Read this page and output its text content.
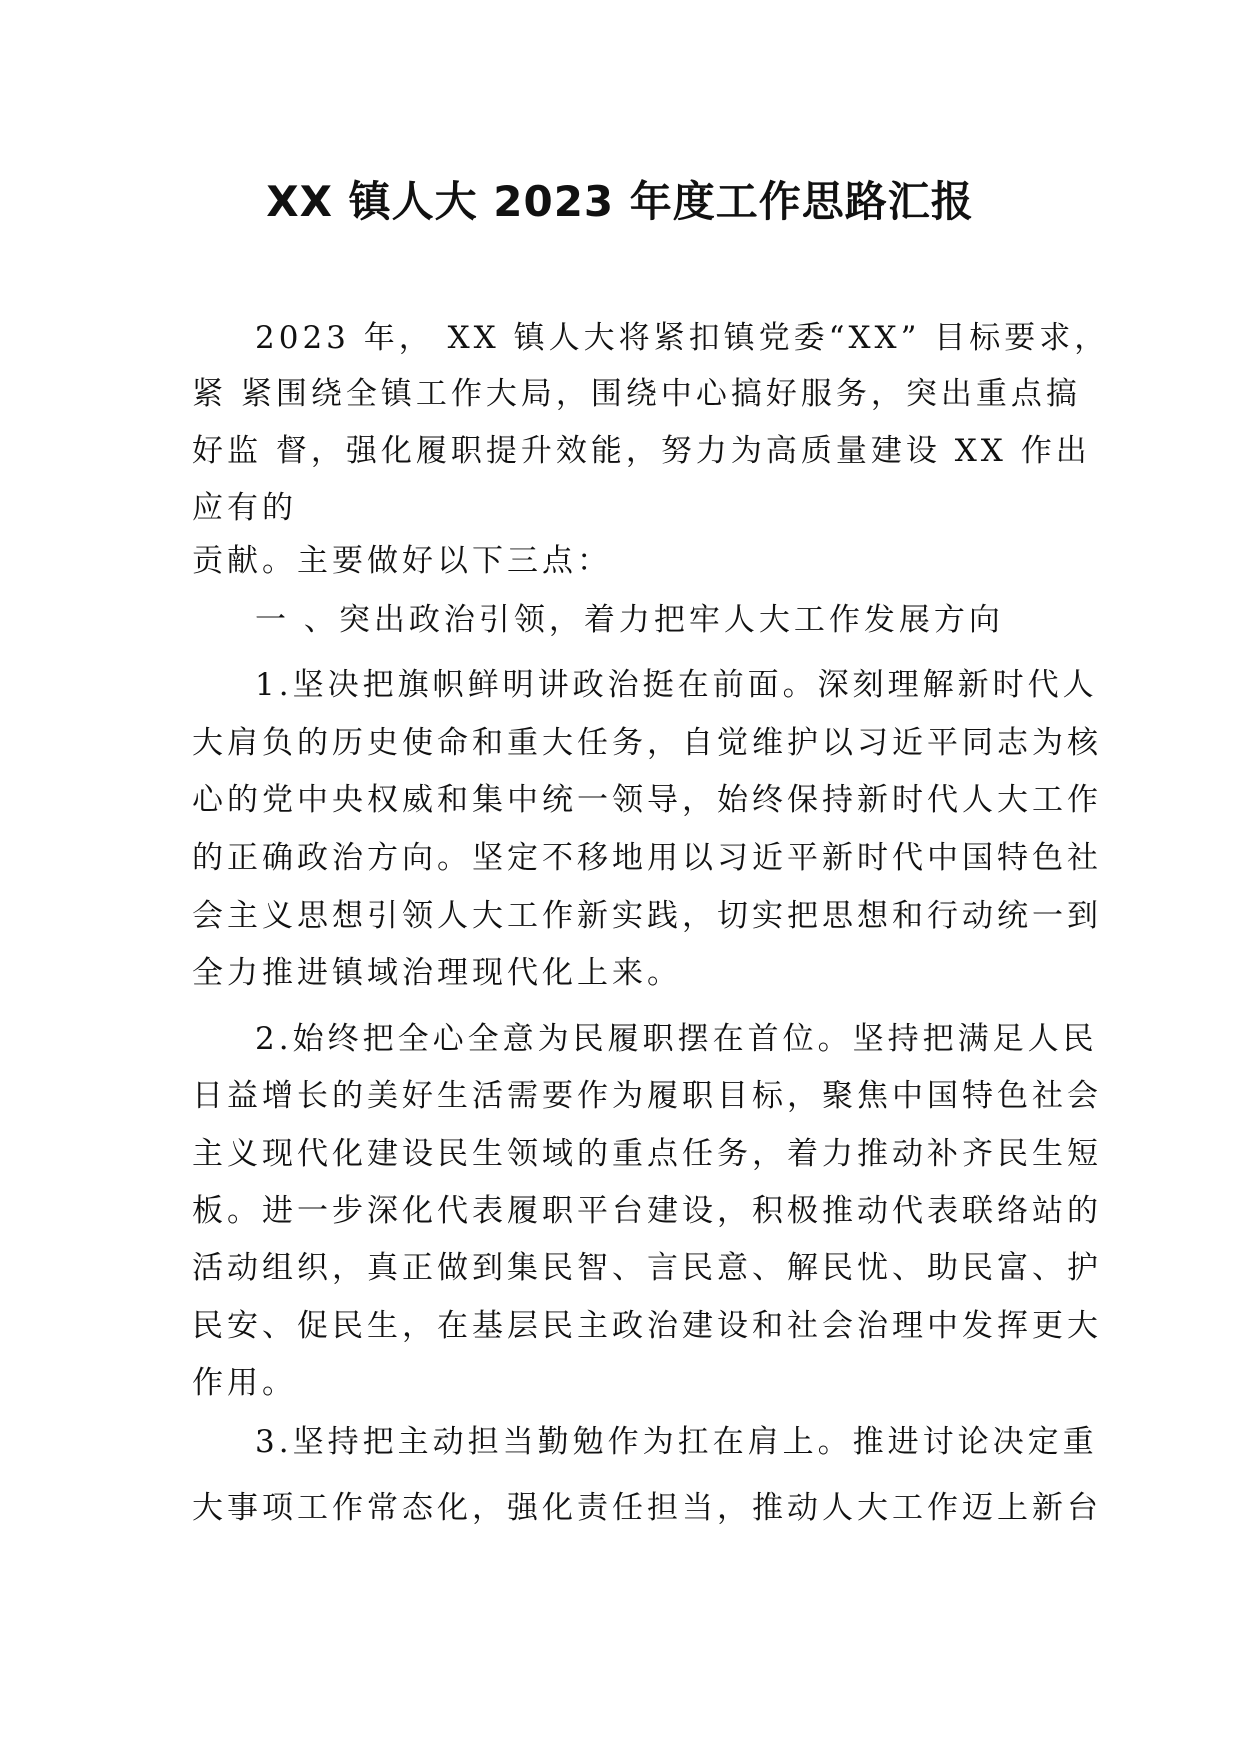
XX 镇人大 2023 年度工作思路汇报

2023 年， XX 镇人大将紧扣镇党委“XX” 目标要求，

紧 紧围绕全镇工作大局，围绕中心搞好服务，突出重点搞

好监 督，强化履职提升效能，努力为高质量建设 XX 作出

应有的

贡献。主要做好以下三点：

一 、突出政治引领，着力把牢人大工作发展方向

1.坚决把旗帜鲜明讲政治挺在前面。深刻理解新时代人

大肩负的历史使命和重大任务，自觉维护以习近平同志为核

心的党中央权威和集中统一领导，始终保持新时代人大工作

的正确政治方向。坚定不移地用以习近平新时代中国特色社

会主义思想引领人大工作新实践，切实把思想和行动统一到

全力推进镇域治理现代化上来。

2.始终把全心全意为民履职摆在首位。坚持把满足人民

日益增长的美好生活需要作为履职目标，聚焦中国特色社会

主义现代化建设民生领域的重点任务，着力推动补齐民生短

板。进一步深化代表履职平台建设，积极推动代表联络站的

活动组织，真正做到集民智、言民意、解民忧、助民富、护

民安、促民生，在基层民主政治建设和社会治理中发挥更大

作用。

3.坚持把主动担当勤勉作为扛在肩上。推进讨论决定重

大事项工作常态化，强化责任担当，推动人大工作迈上新台
